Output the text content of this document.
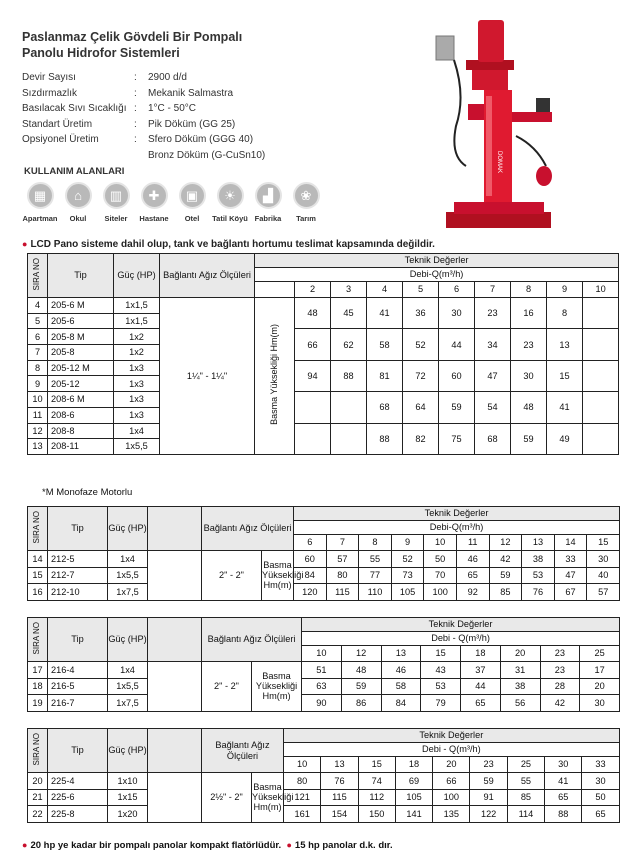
Paslanmaz Çelik Gövdeli Bir Pompalı
Panolu Hidrofor Sistemleri
Devir Sayısı	:	2900 d/d
Sızdırmazlık	:	Mekanik Salmastra
Basılacak Sıvı Sıcaklığı :	1°C - 50°C
Standart Üretim	:	Pik Döküm (GG 25)
Opsiyonel Üretim	:	Sfero Döküm (GGG 40)
Bronz Döküm (G-CuSn10)
KULLANIM ALANLARI
▦
Apartman
⌂
Okul
▥
Siteler
✚
Hastane
▣
Otel
☀
Tatil Köyü
▟
Fabrika
❀
Tarım
DOMAK
● LCD Pano sisteme dahil olup, tank ve bağlantı hortumu teslimat kapsamında değildir.
SIRA NO	Tip	Güç (HP)	Bağlantı Ağız Ölçüleri	Teknik Değerler									
				Debi-Q(m³/h)									
					2	3	4	5	6	7	8	9	10
4	205-6 M	1x1,5	1¼" - 1¼"	Basma Yüksekliği Hm(m)	48	45	41	36	30	23	16	8	
5	205-6	1x1,5											
6	205-8 M	1x2			66	62	58	52	44	34	23	13	
7	205-8	1x2											
8	205-12 M	1x3			94	88	81	72	60	47	30	15	
9	205-12	1x3											
10	208-6 M	1x3					68	64	59	54	48	41	
11	208-6	1x3											
12	208-8	1x4					88	82	75	68	59	49	
13	208-11	1x5,5											
*M Monofaze Motorlu
SIRA NO	Tip	Güç (HP)		Bağlantı Ağız Ölçüleri		Teknik Değerler									
						Debi-Q(m³/h)									
						6	7	8	9	10	11	12	13	14	15
14	212-5	1x4		2" - 2"	Basma
Yüksekliği
Hm(m)	60	57	55	52	50	46	42	38	33	30
15	212-7	1x5,5				84	80	77	73	70	65	59	53	47	40
16	212-10	1x7,5				120	115	110	105	100	92	85	76	67	57
SIRA NO	Tip	Güç (HP)		Bağlantı Ağız Ölçüleri		Teknik Değerler							
						Debi - Q(m³/h)							
						10	12	13	15	18	20	23	25
17	216-4	1x4		2" - 2"	Basma
Yüksekliği
Hm(m)	51	48	46	43	37	31	23	17
18	216-5	1x5,5				63	59	58	53	44	38	28	20
19	216-7	1x7,5				90	86	84	79	65	56	42	30
SIRA NO	Tip	Güç (HP)		Bağlantı Ağız Ölçüleri		Teknik Değerler								
						Debi - Q(m³/h)								
						10	13	15	18	20	23	25	30	33
20	225-4	1x10		2½" - 2"	Basma
Yüksekliği
Hm(m)	80	76	74	69	66	59	55	41	30
21	225-6	1x15				121	115	112	105	100	91	85	65	50
22	225-8	1x20				161	154	150	141	135	122	114	88	65
● 20 hp ye kadar bir pompalı panolar kompakt flatörlüdür. ● 15 hp panolar d.k. dır.
